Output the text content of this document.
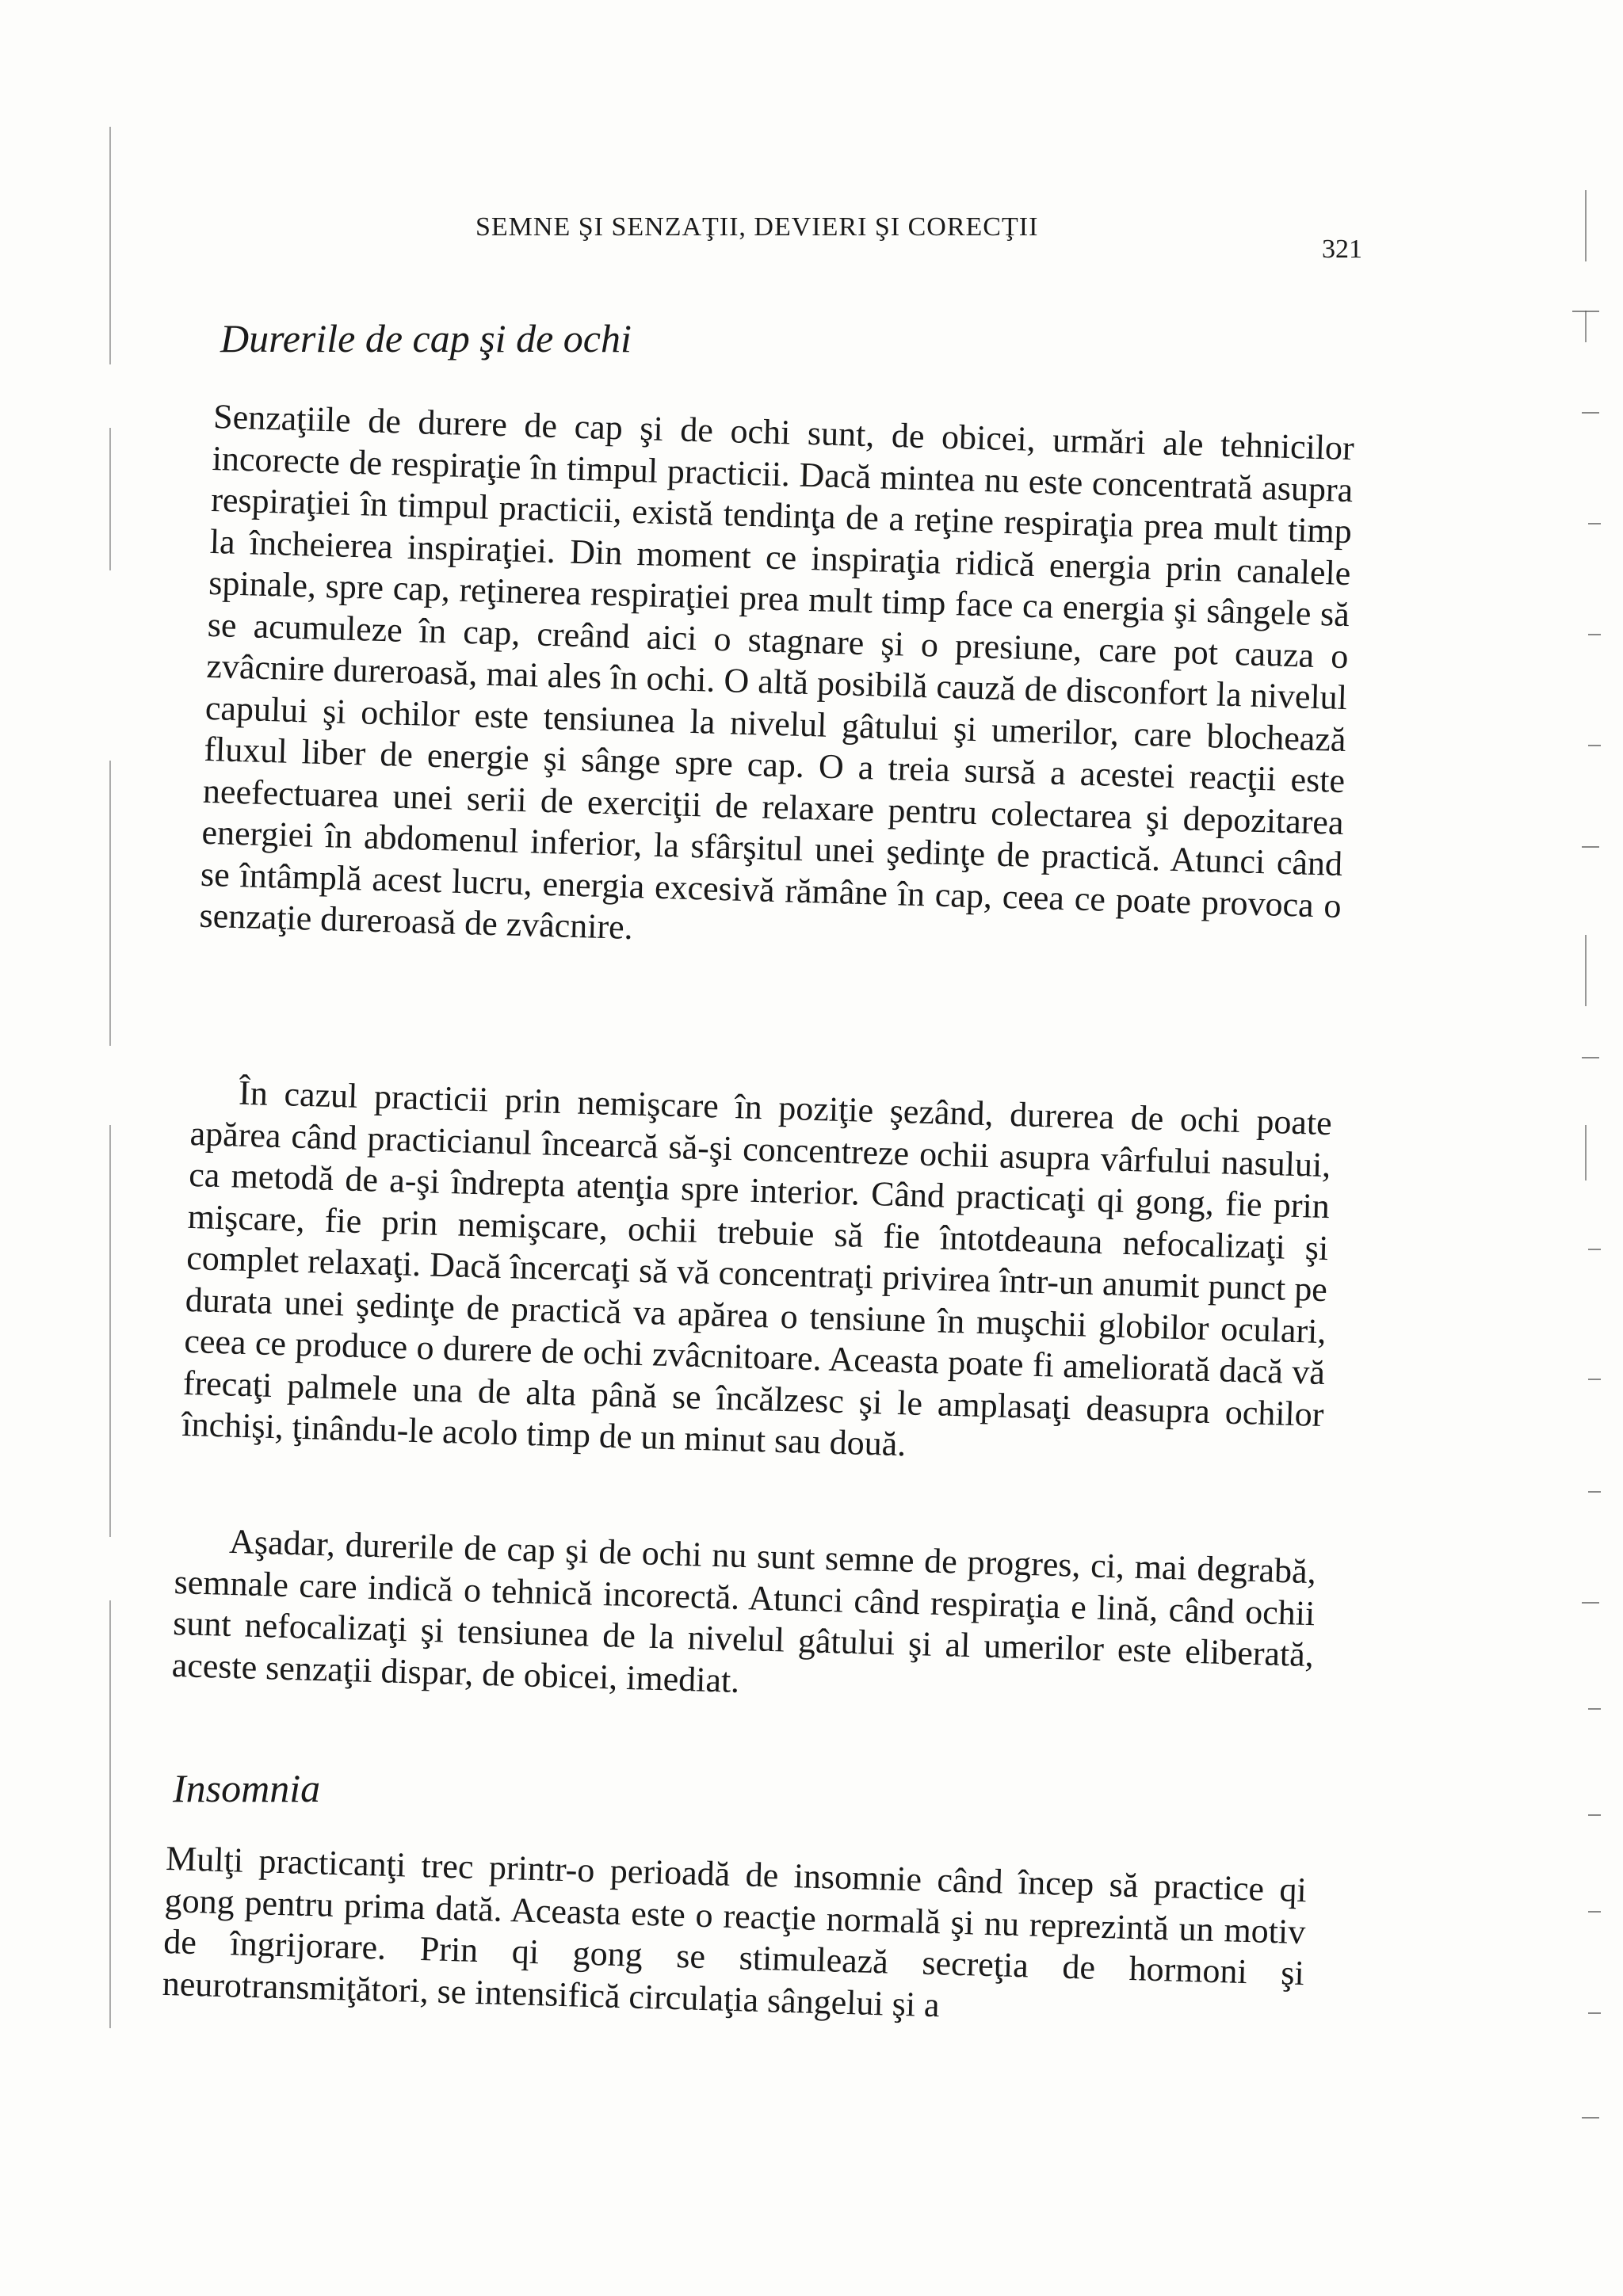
SEMNE ŞI SENZAŢII, DEVIERI ŞI CORECŢII
321
Durerile de cap şi de ochi

Senzaţiile de durere de cap şi de ochi sunt, de obicei, urmări ale tehnicilor incorecte de respiraţie în timpul practicii. Dacă mintea nu este concentrată asupra respiraţiei în timpul practicii, există tendinţa de a reţine respiraţia prea mult timp la încheierea inspiraţiei. Din moment ce inspiraţia ridică energia prin canalele spinale, spre cap, reţinerea respiraţiei prea mult timp face ca energia şi sângele să se acumuleze în cap, creând aici o stagnare şi o presiune, care pot cauza o zvâcnire dureroasă, mai ales în ochi. O altă posibilă cauză de disconfort la nivelul capului şi ochilor este tensiunea la nivelul gâtului şi umerilor, care blochează fluxul liber de energie şi sânge spre cap. O a treia sursă a acestei reacţii este neefectuarea unei serii de exerciţii de relaxare pentru colectarea şi depozitarea energiei în abdomenul inferior, la sfârşitul unei şedinţe de practică. Atunci când se întâmplă acest lucru, energia excesivă rămâne în cap, ceea ce poate provoca o senzaţie dureroasă de zvâcnire.

În cazul practicii prin nemişcare în poziţie şezând, durerea de ochi poate apărea când practicianul încearcă să-şi concentreze ochii asupra vârfului nasului, ca metodă de a-şi îndrepta atenţia spre interior. Când practicaţi qi gong, fie prin mişcare, fie prin nemişcare, ochii trebuie să fie întotdeauna nefocalizaţi şi complet relaxaţi. Dacă încercaţi să vă concentraţi privirea într-un anumit punct pe durata unei şedinţe de practică va apărea o tensiune în muşchii globilor oculari, ceea ce produce o durere de ochi zvâcnitoare. Aceasta poate fi ameliorată dacă vă frecaţi palmele una de alta până se încălzesc şi le amplasaţi deasupra ochilor închişi, ţinându-le acolo timp de un minut sau două.

Aşadar, durerile de cap şi de ochi nu sunt semne de progres, ci, mai degrabă, semnale care indică o tehnică incorectă. Atunci când respiraţia e lină, când ochii sunt nefocalizaţi şi tensiunea de la nivelul gâtului şi al umerilor este eliberată, aceste senzaţii dispar, de obicei, imediat.

Insomnia

Mulţi practicanţi trec printr-o perioadă de insomnie când încep să practice qi gong pentru prima dată. Aceasta este o reacţie normală şi nu reprezintă un motiv de îngrijorare. Prin qi gong se stimulează secreţia de hormoni şi neurotransmiţători, se intensifică circulaţia sângelui şi a
